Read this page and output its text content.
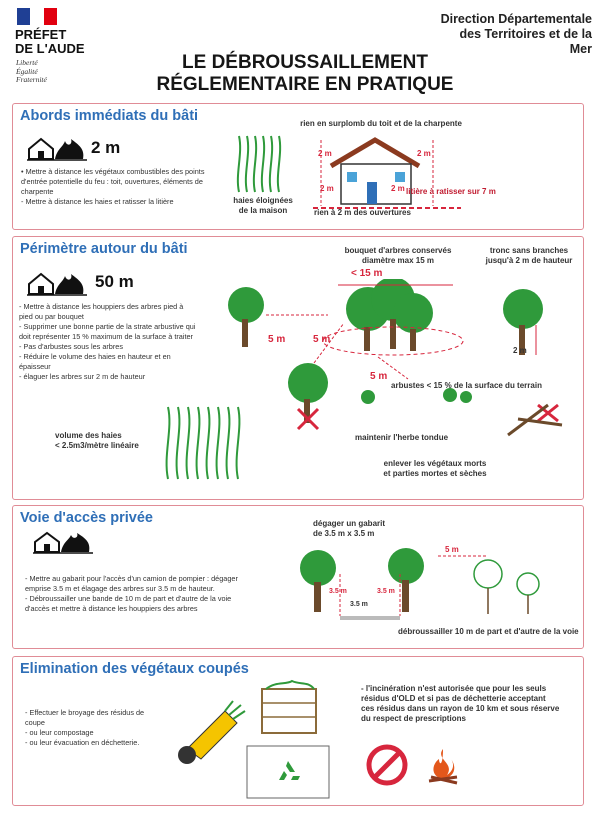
PRÉFET
DE L'AUDE
Liberté
Égalité
Fraternité
Direction Départementale
des Territoires et de la
Mer
LE DÉBROUSSAILLEMENT
RÉGLEMENTAIRE EN PRATIQUE
Abords immédiats du bâti
2 m
• Mettre à distance les végétaux combustibles des points d'entrée potentielle du feu : toit, ouvertures, éléments de charpente
- Mettre à distance les haies et ratisser la litière	haies éloignées
de la maison
rien en surplomb du toit et de la charpente
2 m	2 m
2 m	2 m litière à ratisser sur 7 m
rien à 2 m des ouvertures
Périmètre autour du bâti
50 m
- Mettre à distance les houppiers des arbres pied à pied ou par bouquet
- Supprimer une bonne partie de la strate arbustive qui doit représenter 15 % maximum de la surface à traiter
- Pas d'arbustes sous les arbres
- Réduire le volume des haies en hauteur et en épaisseur
- élaguer les arbres sur 2 m de hauteur
volume des haies
< 2.5m3/mètre linéaire
bouquet d'arbres conservés
diamètre max 15 m
< 15 m
tronc sans branches
jusqu'à 2 m de hauteur
5 m	5 m
5 m
2 m
arbustes < 15 % de la surface du terrain
maintenir l'herbe tondue
enlever les végétaux morts
et parties mortes et sèches
Voie d'accès privée
- Mettre au gabarit pour l'accès d'un camion de pompier : dégager emprise 3.5 m et élagage des arbres sur 3.5 m de hauteur.
- Débroussailler une bande de 10 m de part et d'autre de la voie d'accès et mettre à distance les houppiers des arbres
dégager un gabarit
de 3.5 m x 3.5 m
3.5 m	3.5 m
3.5 m
5 m
débroussailler 10 m de part et d'autre de la voie
Elimination des végétaux coupés
- Effectuer le broyage des résidus de coupe
- ou leur compostage
- ou leur évacuation en déchetterie.
- l'incinération n'est autorisée que pour les seuls
résidus d'OLD et si pas de déchetterie acceptant
ces résidus dans un rayon de 10 km et sous réserve
du respect de prescriptions
